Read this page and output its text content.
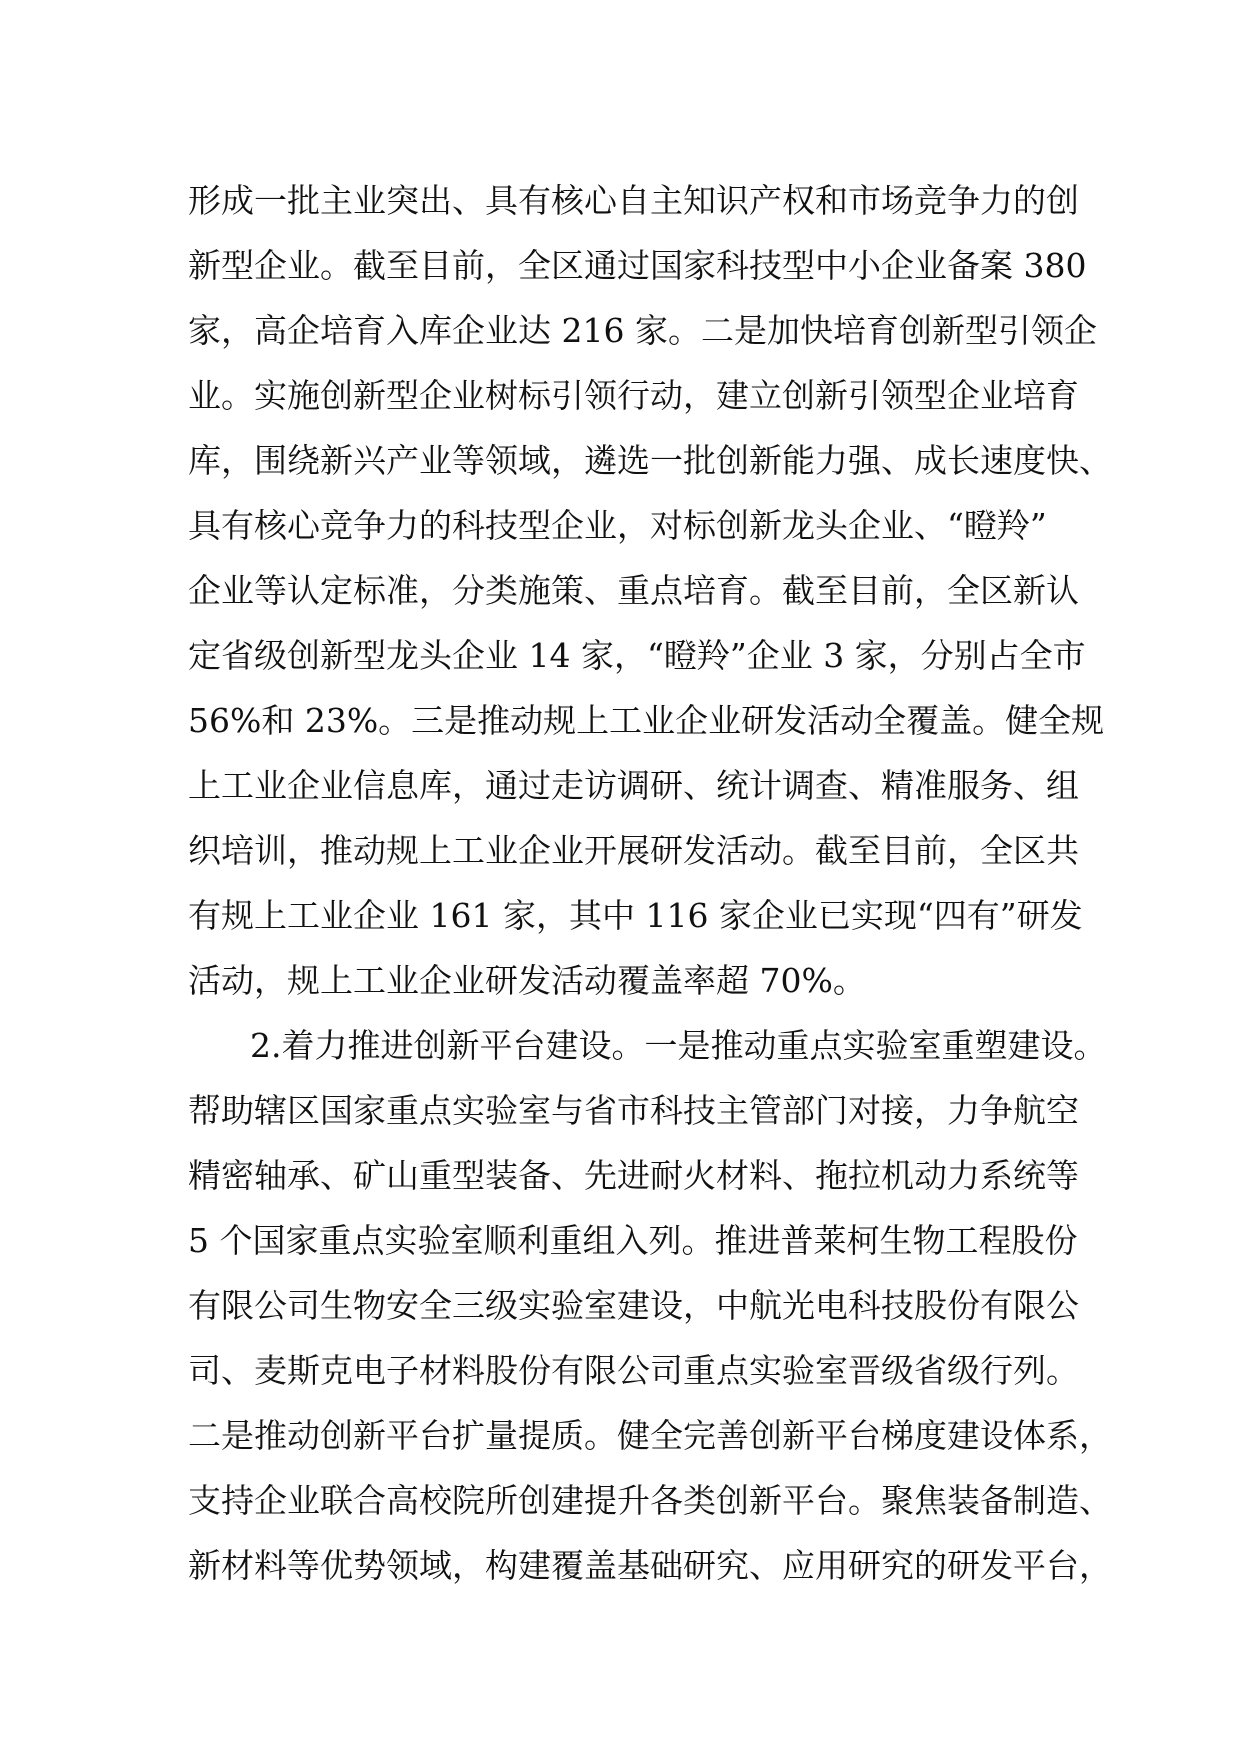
形成一批主业突出、具有核心自主知识产权和市场竞争力的创
新型企业。截至目前，全区通过国家科技型中小企业备案 380
家，高企培育入库企业达 216 家。二是加快培育创新型引领企
业。实施创新型企业树标引领行动，建立创新引领型企业培育
库，围绕新兴产业等领域，遴选一批创新能力强、成长速度快、
具有核心竞争力的科技型企业，对标创新龙头企业、“瞪羚”
企业等认定标准，分类施策、重点培育。截至目前，全区新认
定省级创新型龙头企业 14 家，“瞪羚”企业 3 家，分别占全市
56%和 23%。三是推动规上工业企业研发活动全覆盖。健全规
上工业企业信息库，通过走访调研、统计调查、精准服务、组
织培训，推动规上工业企业开展研发活动。截至目前，全区共
有规上工业企业 161 家，其中 116 家企业已实现“四有”研发
活动，规上工业企业研发活动覆盖率超 70%。
2.着力推进创新平台建设。一是推动重点实验室重塑建设。
帮助辖区国家重点实验室与省市科技主管部门对接，力争航空
精密轴承、矿山重型装备、先进耐火材料、拖拉机动力系统等
5 个国家重点实验室顺利重组入列。推进普莱柯生物工程股份
有限公司生物安全三级实验室建设，中航光电科技股份有限公
司、麦斯克电子材料股份有限公司重点实验室晋级省级行列。
二是推动创新平台扩量提质。健全完善创新平台梯度建设体系，
支持企业联合高校院所创建提升各类创新平台。聚焦装备制造、
新材料等优势领域，构建覆盖基础研究、应用研究的研发平台，
